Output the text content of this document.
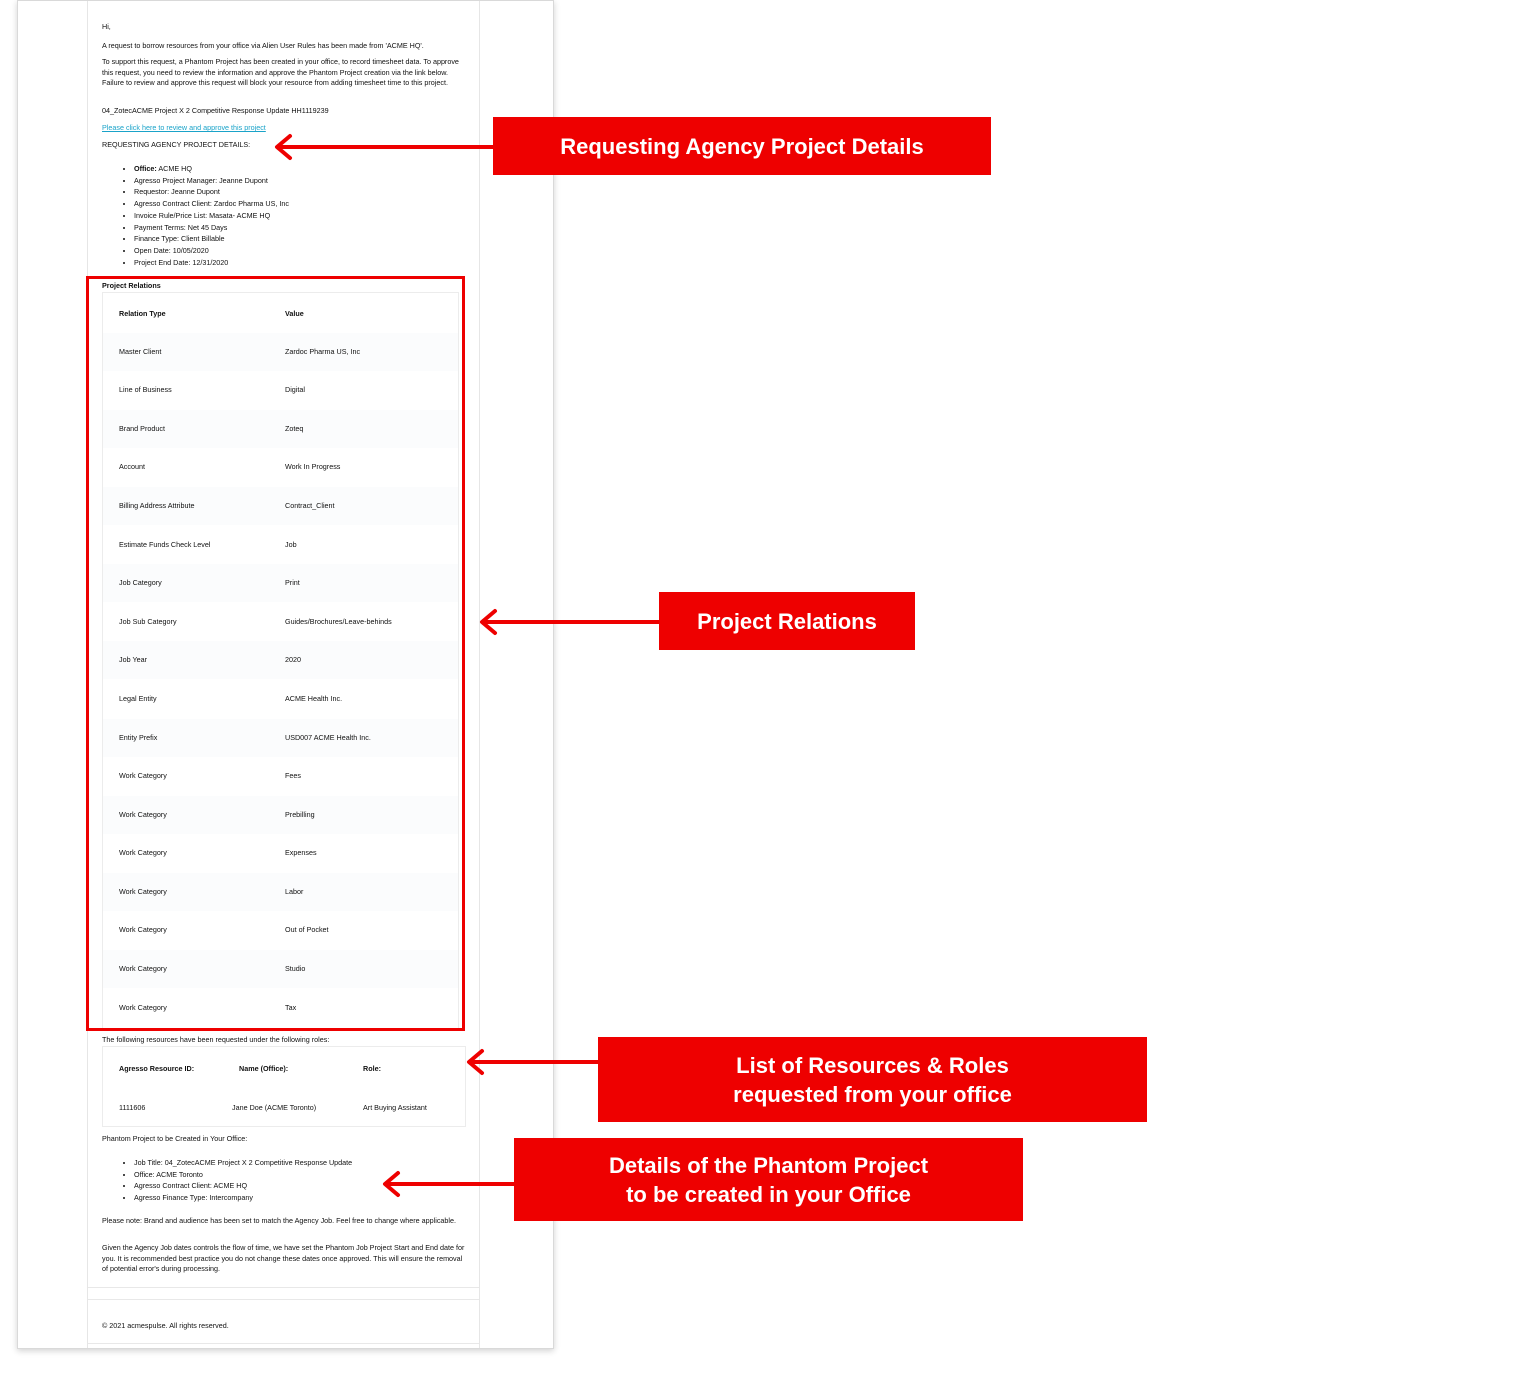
Hi,
A request to borrow resources from your office via Alien User Rules has been made from 'ACME HQ'.
To support this request, a Phantom Project has been created in your office, to record timesheet data. To approve this request, you need to review the information and approve the Phantom Project creation via the link below. Failure to review and approve this request will block your resource from adding timesheet time to this project.
04_ZotecACME Project X 2 Competitive Response Update HH1119239
Please click here to review and approve this project
REQUESTING AGENCY PROJECT DETAILS:
• Office: ACME HQ
• Agresso Project Manager: Jeanne Dupont
• Requestor: Jeanne Dupont
• Agresso Contract Client: Zardoc Pharma US, Inc
• Invoice Rule/Price List: Masata- ACME HQ
• Payment Terms: Net 45 Days
• Finance Type: Client Billable
• Open Date: 10/05/2020
• Project End Date: 12/31/2020
Project Relations
Relation Type	Value
Master Client	Zardoc Pharma US, Inc
Line of Business	Digital
Brand Product	Zoteq
Account	Work In Progress
Billing Address Attribute	Contract_Client
Estimate Funds Check Level	Job
Job Category	Print
Job Sub Category	Guides/Brochures/Leave-behinds
Job Year	2020
Legal Entity	ACME Health Inc.
Entity Prefix	USD007 ACME Health Inc.
Work Category	Fees
Work Category	Prebilling
Work Category	Expenses
Work Category	Labor
Work Category	Out of Pocket
Work Category	Studio
Work Category	Tax
The following resources have been requested under the following roles:
Agresso Resource ID:	Name (Office):	Role:
1111606	Jane Doe (ACME Toronto)	Art Buying Assistant
Phantom Project to be Created in Your Office:
• Job Title: 04_ZotecACME Project X 2 Competitive Response Update
• Office: ACME Toronto
• Agresso Contract Client: ACME HQ
• Agresso Finance Type: Intercompany
Please note: Brand and audience has been set to match the Agency Job. Feel free to change where applicable.
Given the Agency Job dates controls the flow of time, we have set the Phantom Job Project Start and End date for you. It is recommended best practice you do not change these dates once approved. This will ensure the removal of potential error's during processing.
© 2021 acmespulse. All rights reserved.
Requesting Agency Project Details
Project Relations
List of Resources & Roles
requested from your office
Details of the Phantom Project
to be created in your Office
